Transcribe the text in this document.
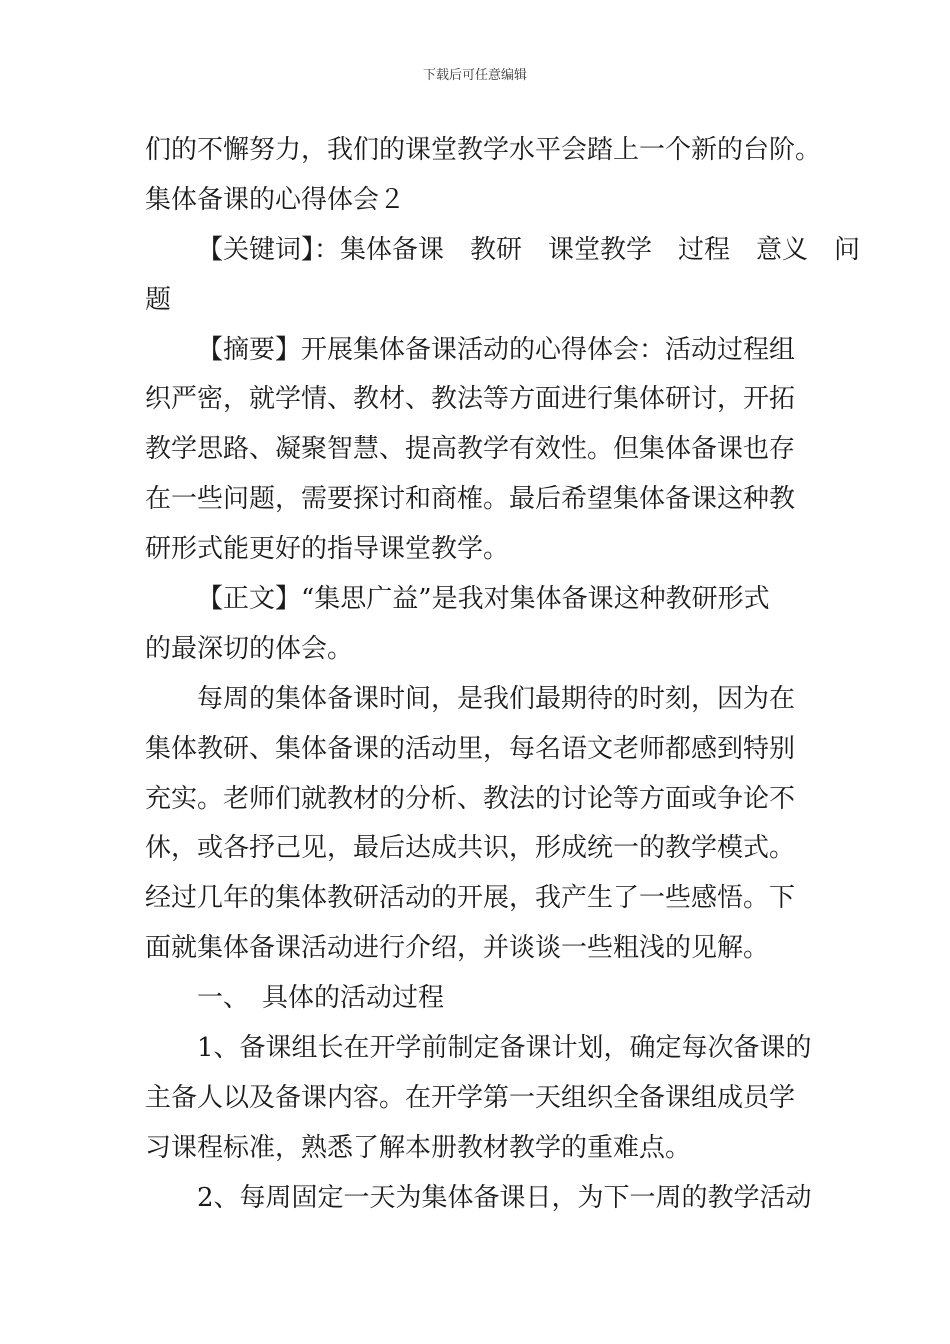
下载后可任意编辑
们的不懈努力，我们的课堂教学水平会踏上一个新的台阶。
集体备课的心得体会２
【关键词】：集体备课　教研　课堂教学　过程　意义　问
题
【摘要】开展集体备课活动的心得体会：活动过程组
织严密，就学情、教材、教法等方面进行集体研讨，开拓
教学思路、凝聚智慧、提高教学有效性。但集体备课也存
在一些问题，需要探讨和商榷。最后希望集体备课这种教
研形式能更好的指导课堂教学。
【正文】“集思广益”是我对集体备课这种教研形式
的最深切的体会。
每周的集体备课时间，是我们最期待的时刻，因为在
集体教研、集体备课的活动里，每名语文老师都感到特别
充实。老师们就教材的分析、教法的讨论等方面或争论不
休，或各抒己见，最后达成共识，形成统一的教学模式。
经过几年的集体教研活动的开展，我产生了一些感悟。下
面就集体备课活动进行介绍，并谈谈一些粗浅的见解。
一、　具体的活动过程
1、备课组长在开学前制定备课计划，确定每次备课的
主备人以及备课内容。在开学第一天组织全备课组成员学
习课程标准，熟悉了解本册教材教学的重难点。
2、每周固定一天为集体备课日，为下一周的教学活动
